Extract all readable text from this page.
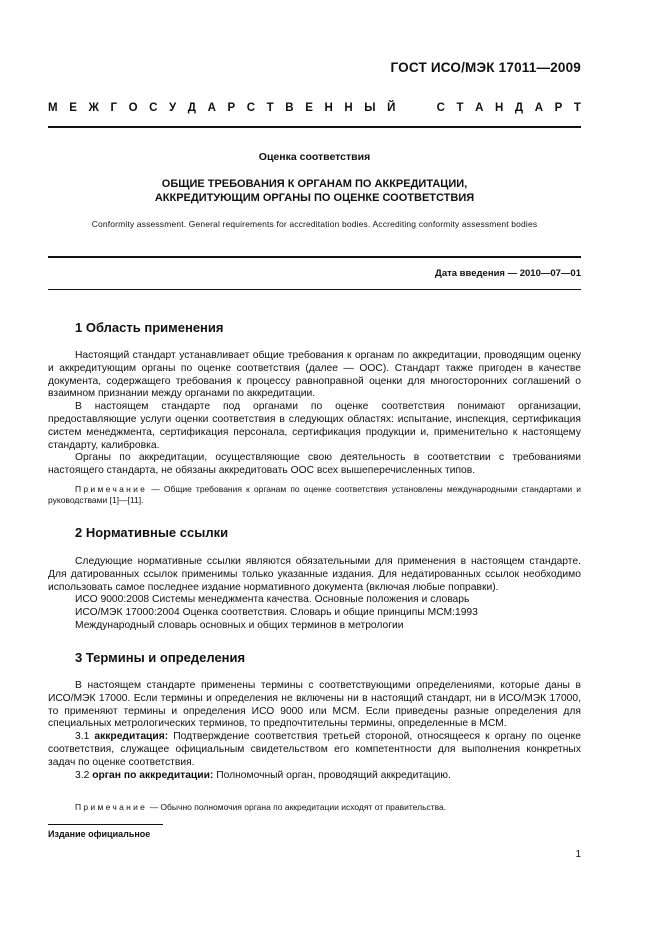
ГОСТ ИСО/МЭК 17011—2009
М Е Ж Г О С У Д А Р С Т В Е Н Н Ы Й

	С Т А Н Д А Р Т
Оценка соответствия
ОБЩИЕ ТРЕБОВАНИЯ К ОРГАНАМ ПО АККРЕДИТАЦИИ,
АККРЕДИТУЮЩИМ ОРГАНЫ ПО ОЦЕНКЕ СООТВЕТСТВИЯ
Conformity assessment. General requirements for accreditation bodies. Accrediting conformity assessment bodies
Дата введения — 2010—07—01
1 Область применения

Настоящий стандарт устанавливает общие требования к органам по аккредитации, проводящим оценку и аккредитующим органы по оценке соответствия (далее — ООС). Стандарт также пригоден в качестве документа, содержащего требования к процессу равноправной оценки для многосторонних соглашений о взаимном признании между органами по аккредитации.

В настоящем стандарте под органами по оценке соответствия понимают организации, предоставляющие услуги оценки соответствия в следующих областях: испытание, инспекция, сертификация систем менеджмента, сертификация персонала, сертификация продукции и, применительно к настоящему стандарту, калибровка.

Органы по аккредитации, осуществляющие свою деятельность в соответствии с требованиями настоящего стандарта, не обязаны аккредитовать ООС всех вышеперечисленных типов.

Примечание — Общие требования к органам по оценке соответствия установлены международными стандартами и руководствами [1]—[11].

2 Нормативные ссылки

Следующие нормативные ссылки являются обязательными для применения в настоящем стандарте. Для датированных ссылок применимы только указанные издания. Для недатированных ссылок необходимо использовать самое последнее издание нормативного документа (включая любые поправки).

ИСО 9000:2008 Системы менеджмента качества. Основные положения и словарь

ИСО/МЭК 17000:2004 Оценка соответствия. Словарь и общие принципы МСМ:1993

Международный словарь основных и общих терминов в метрологии

3 Термины и определения

В настоящем стандарте применены термины с соответствующими определениями, которые даны в ИСО/МЭК 17000. Если термины и определения не включены ни в настоящий стандарт, ни в ИСО/МЭК 17000, то применяют термины и определения ИСО 9000 или МСМ. Если приведены разные определения для специальных метрологических терминов, то предпочтительны термины, определенные в МСМ.

3.1 аккредитация: Подтверждение соответствия третьей стороной, относящееся к органу по оценке соответствия, служащее официальным свидетельством его компетентности для выполнения конкретных задач по оценке соответствия.

3.2 орган по аккредитации: Полномочный орган, проводящий аккредитацию.

Примечание — Обычно полномочия органа по аккредитации исходят от правительства.

Издание официальное
1
